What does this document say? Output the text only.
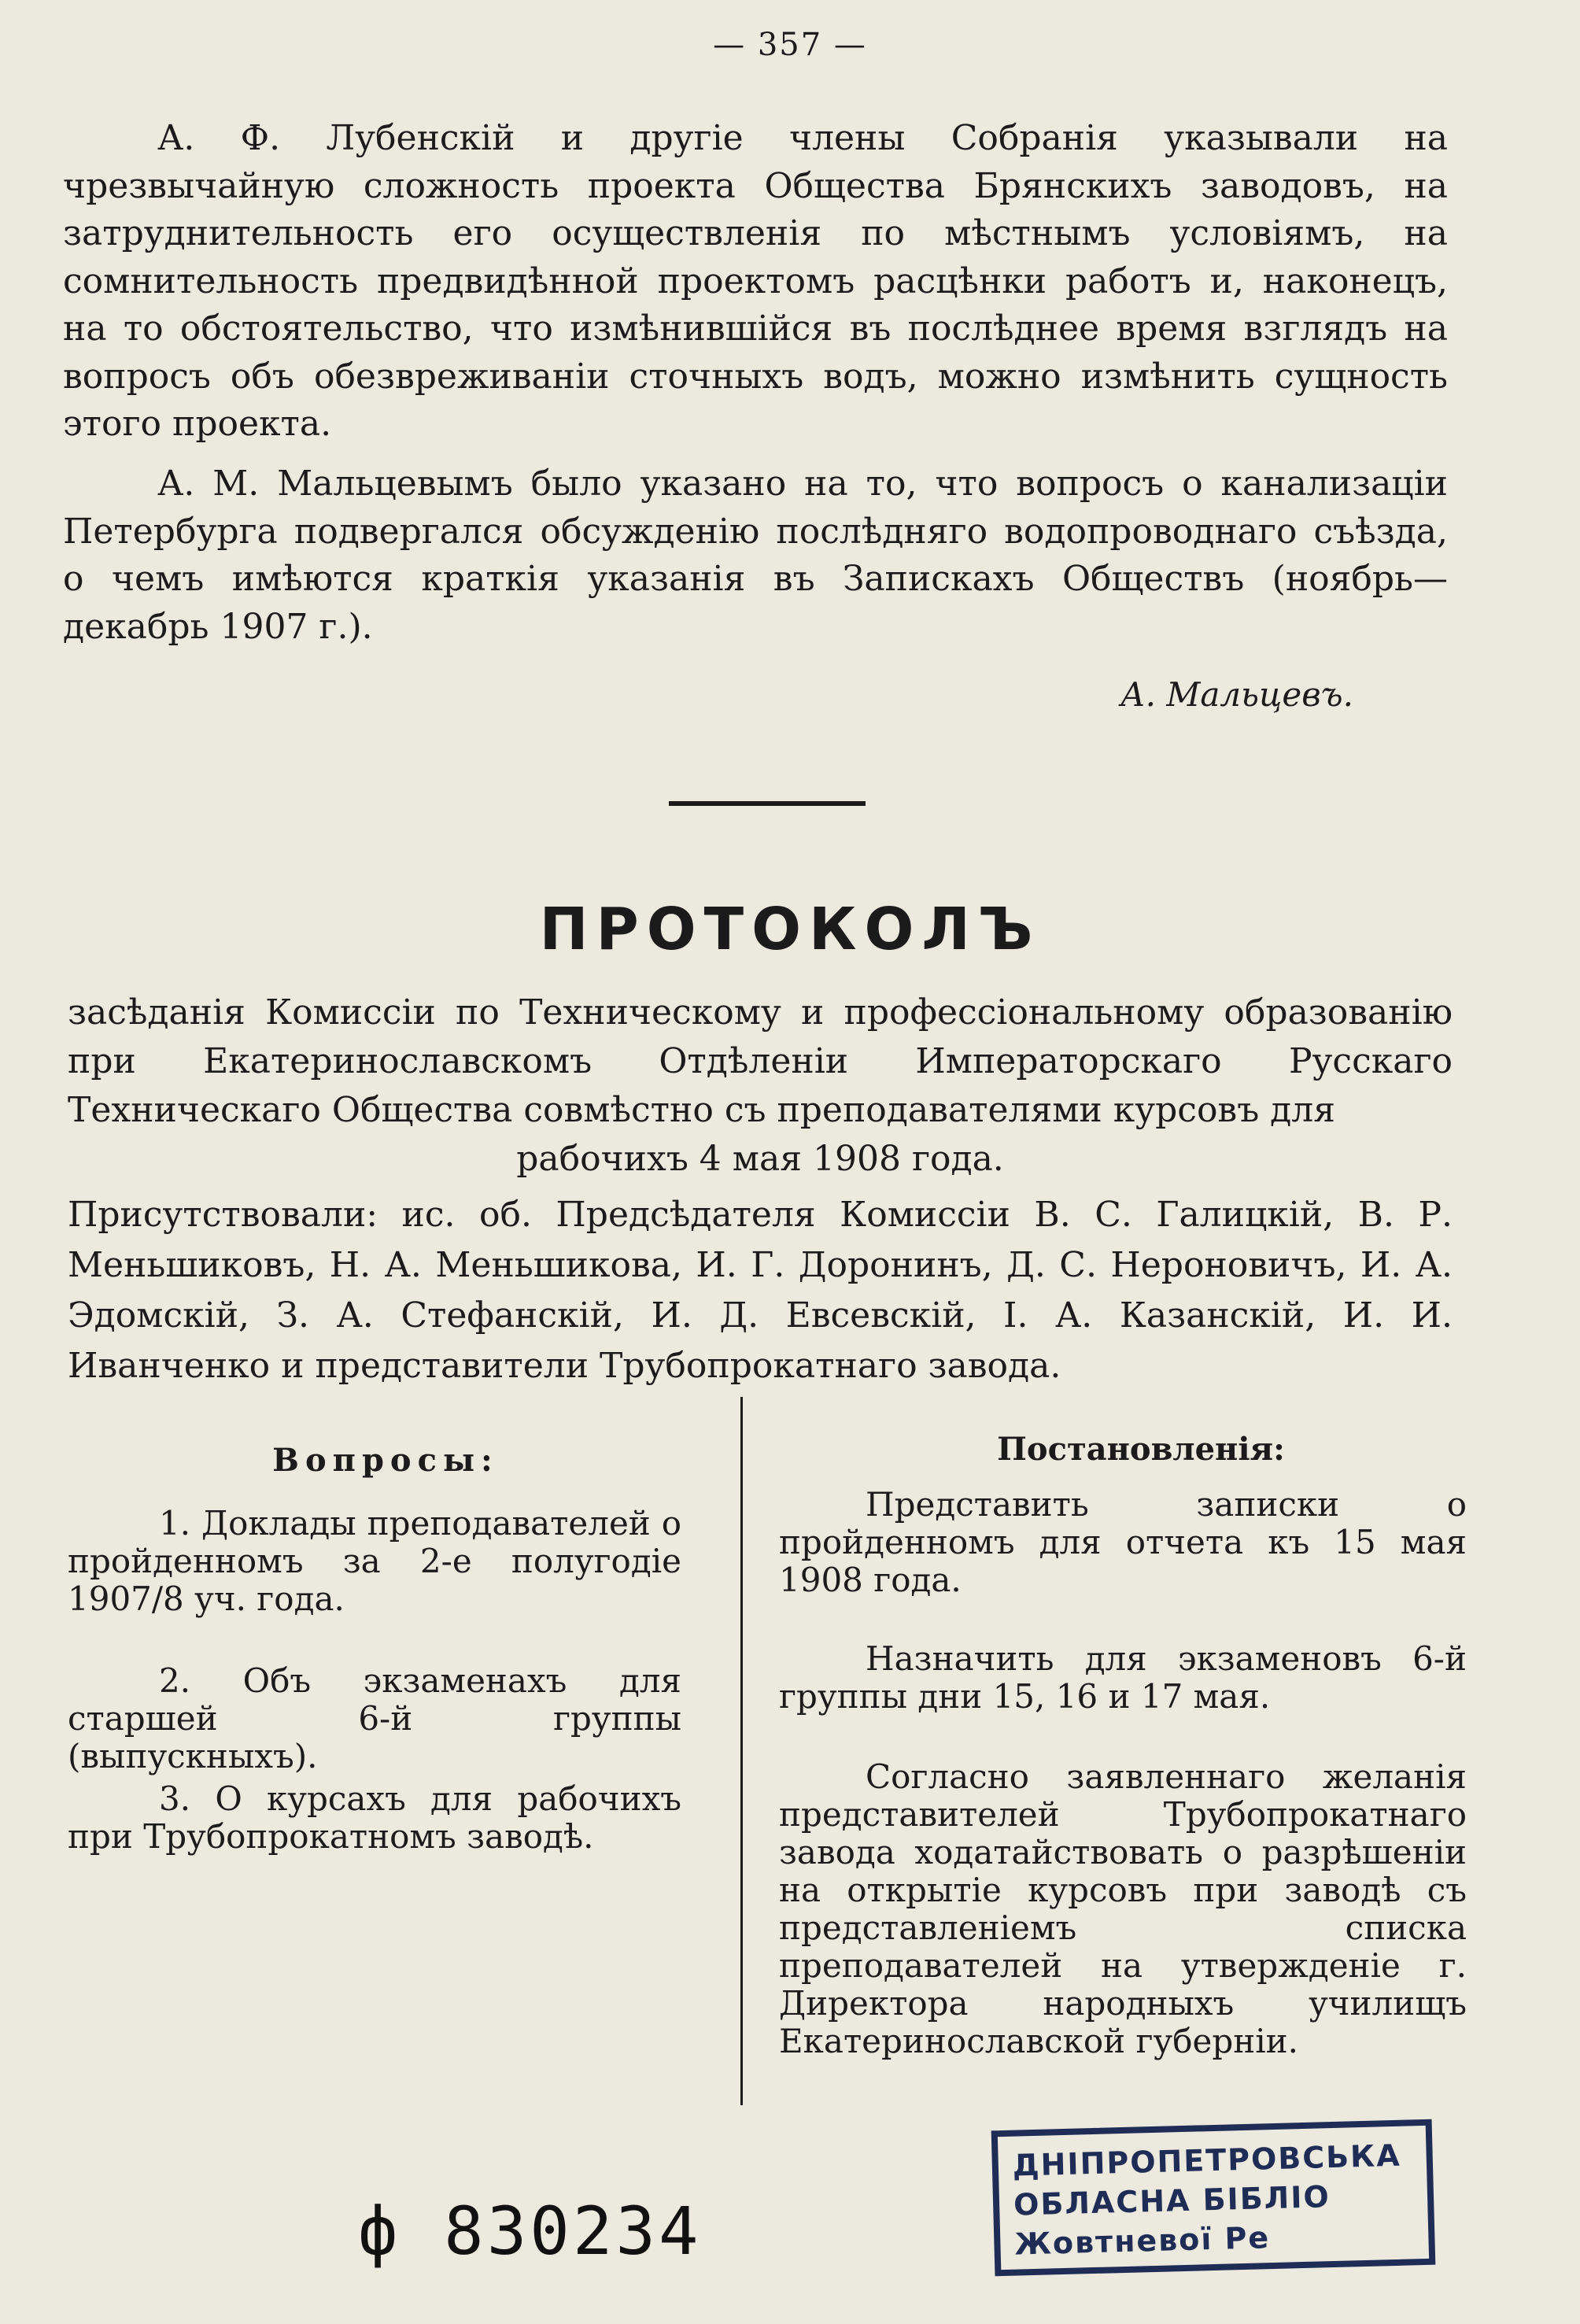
— 357 —
А. Ф. Лубенскій и другіе члены Собранія указывали на чрезвычайную сложность проекта Общества Брянскихъ заводовъ, на затруднительность его осуществленія по мѣстнымъ условіямъ, на сомнительность предвидѣнной проектомъ расцѣнки работъ и, наконецъ, на то обстоятельство, что измѣнившійся въ послѣднее время взглядъ на вопросъ объ обезвреживаніи сточныхъ водъ, можно измѣнить сущность этого проекта.
А. М. Мальцевымъ было указано на то, что вопросъ о канализаціи Петербурга подвергался обсужденію послѣдняго водопроводнаго съѣзда, о чемъ имѣются краткія указанія въ Запискахъ Обществъ (ноябрь—декабрь 1907 г.).
А. Мальцевъ.
ПРОТОКОЛЪ
засѣданія Комиссіи по Техническому и профессіональному образованію при Екатеринославскомъ Отдѣленіи Императорскаго Русскаго Техническаго Общества совмѣстно съ преподавателями курсовъ для
рабочихъ 4 мая 1908 года.
Присутствовали: ис. об. Предсѣдателя Комиссіи В. С. Галицкій, В. Р. Меньшиковъ, Н. А. Меньшикова, И. Г. Доронинъ, Д. С. Нероновичъ, И. А. Эдомскій, З. А. Стефанскій, И. Д. Евсевскій, І. А. Казанскій, И. И. Иванченко и представители Трубопрокатнаго завода.
Вопросы:	Постановленія:
1. Доклады преподавателей о пройденномъ за 2-е полугодіе 1907/8 уч. года.
2. Объ экзаменахъ для старшей 6-й группы (выпускныхъ).
3. О курсахъ для рабочихъ при Трубопрокатномъ заводѣ.
Представить записки о пройденномъ для отчета къ 15 мая 1908 года.
Назначить для экзаменовъ 6-й группы дни 15, 16 и 17 мая.
Согласно заявленнаго желанія представителей Трубопрокатнаго завода ходатайствовать о разрѣшеніи на открытіе курсовъ при заводѣ съ представленіемъ списка преподавателей на утвержденіе г. Директора народныхъ училищъ Екатеринославской губерніи.
ДНІПРОПЕТРОВСЬКА
ОБЛАСНА БІБЛІО
Жовтневої Ре
ф 830234
